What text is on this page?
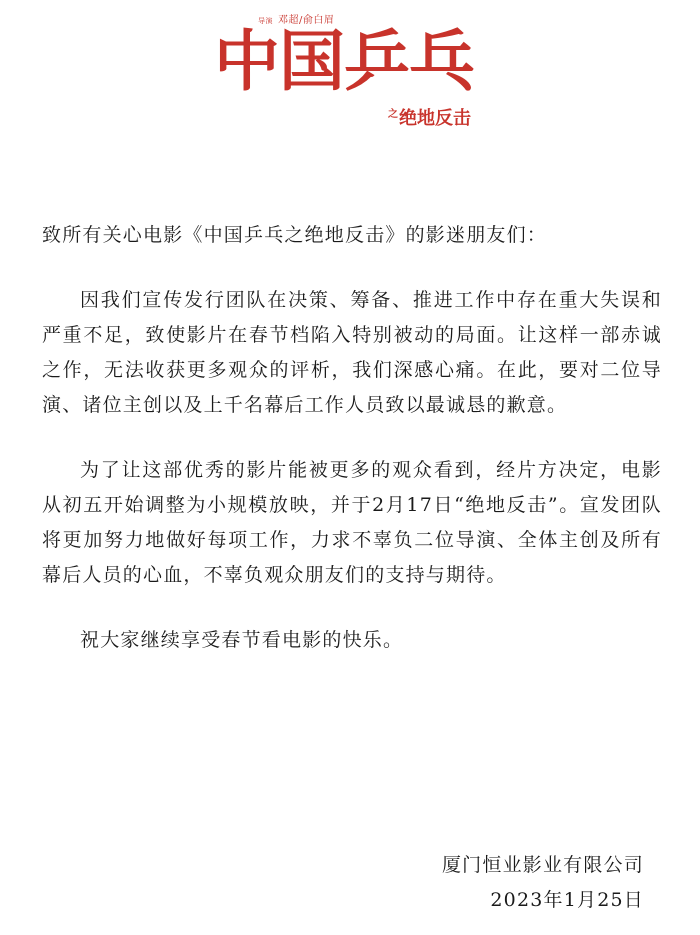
导演 邓超/俞白眉
中国乒乓
$^之$绝地反击

致所有关心电影《中国乒乓之绝地反击》的影迷朋友们：

因我们宣传发行团队在决策、筹备、推进工作中存在重大失误和严重不足，致使影片在春节档陷入特别被动的局面。让这样一部赤诚之作，无法收获更多观众的评析，我们深感心痛。在此，要对二位导演、诸位主创以及上千名幕后工作人员致以最诚恳的歉意。

为了让这部优秀的影片能被更多的观众看到，经片方决定，电影从初五开始调整为小规模放映，并于2月17日“绝地反击”。宣发团队将更加努力地做好每项工作，力求不辜负二位导演、全体主创及所有幕后人员的心血，不辜负观众朋友们的支持与期待。

祝大家继续享受春节看电影的快乐。

厦门恒业影业有限公司
2023年1月25日
